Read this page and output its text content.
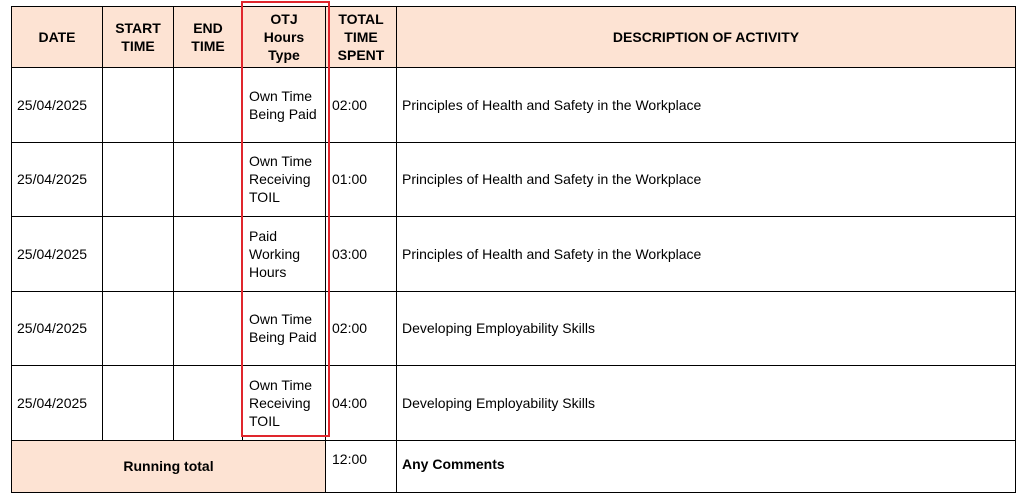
DATE	START TIME	END TIME	OTJ Hours Type	TOTAL TIME SPENT	DESCRIPTION OF ACTIVITY
25/04/2025			Own Time Being Paid	02:00	Principles of Health and Safety in the Workplace
25/04/2025			Own Time Receiving TOIL	01:00	Principles of Health and Safety in the Workplace
25/04/2025			Paid Working Hours	03:00	Principles of Health and Safety in the Workplace
25/04/2025			Own Time Being Paid	02:00	Developing Employability Skills
25/04/2025			Own Time Receiving TOIL	04:00	Developing Employability Skills
Running total				12:00	Any Comments
